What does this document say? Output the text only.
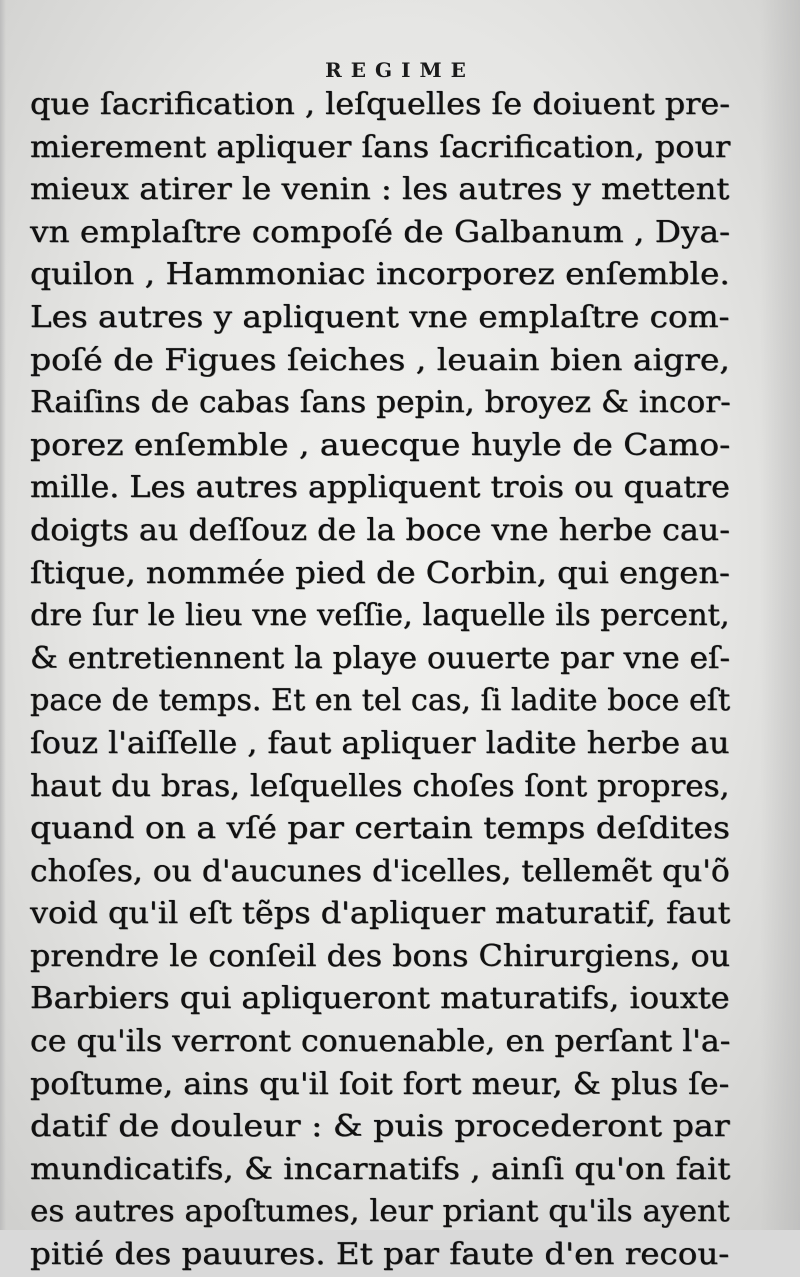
REGIME
que ſacrification , leſquelles ſe doiuent pre-
mierement apliquer ſans ſacrification, pour
mieux atirer le venin : les autres y mettent
vn emplaſtre compoſé de Galbanum , Dya-
quilon , Hammoniac incorporez enſemble.
Les autres y apliquent vne emplaſtre com-
poſé de Figues ſeiches , leuain bien aigre,
Raiſins de cabas ſans pepin, broyez & incor-
porez enſemble , auecque huyle de Camo-
mille. Les autres appliquent trois ou quatre
doigts au deſſouz de la boce vne herbe cau-
ſtique, nommée pied de Corbin, qui engen-
dre ſur le lieu vne veſſie, laquelle ils percent,
& entretiennent la playe ouuerte par vne eſ-
pace de temps. Et en tel cas, ſi ladite boce eſt
ſouz l'aiſſelle , faut apliquer ladite herbe au
haut du bras, leſquelles choſes ſont propres,
quand on a vſé par certain temps deſdites
choſes, ou d'aucunes d'icelles, tellemẽt qu'õ
void qu'il eſt tẽps d'apliquer maturatif, faut
prendre le conſeil des bons Chirurgiens, ou
Barbiers qui apliqueront maturatifs, iouxte
ce qu'ils verront conuenable, en perſant l'a-
poſtume, ains qu'il ſoit fort meur, & plus ſe-
datif de douleur : & puis procederont par
mundicatifs, & incarnatifs , ainſi qu'on fait
es autres apoſtumes, leur priant qu'ils ayent
pitié des pauures. Et par faute d'en recou-
